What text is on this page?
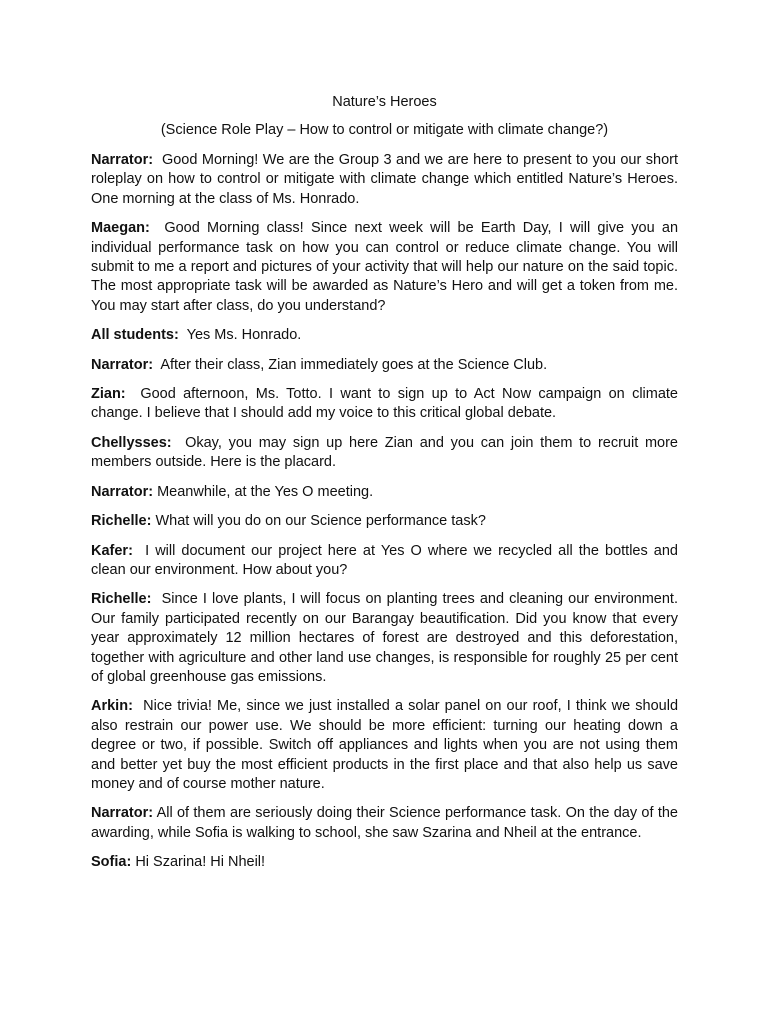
Nature’s Heroes

(Science Role Play – How to control or mitigate with climate change?)

Narrator: Good Morning! We are the Group 3 and we are here to present to you our short roleplay on how to control or mitigate with climate change which entitled Nature’s Heroes. One morning at the class of Ms. Honrado.

Maegan: Good Morning class! Since next week will be Earth Day, I will give you an individual performance task on how you can control or reduce climate change. You will submit to me a report and pictures of your activity that will help our nature on the said topic. The most appropriate task will be awarded as Nature’s Hero and will get a token from me. You may start after class, do you understand?

All students: Yes Ms. Honrado.

Narrator: After their class, Zian immediately goes at the Science Club.

Zian: Good afternoon, Ms. Totto. I want to sign up to Act Now campaign on climate change. I believe that I should add my voice to this critical global debate.

Chellysses: Okay, you may sign up here Zian and you can join them to recruit more members outside. Here is the placard.

Narrator: Meanwhile, at the Yes O meeting.

Richelle: What will you do on our Science performance task?

Kafer: I will document our project here at Yes O where we recycled all the bottles and clean our environment. How about you?

Richelle: Since I love plants, I will focus on planting trees and cleaning our environment. Our family participated recently on our Barangay beautification. Did you know that every year approximately 12 million hectares of forest are destroyed and this deforestation, together with agriculture and other land use changes, is responsible for roughly 25 per cent of global greenhouse gas emissions.

Arkin: Nice trivia! Me, since we just installed a solar panel on our roof, I think we should also restrain our power use. We should be more efficient: turning our heating down a degree or two, if possible. Switch off appliances and lights when you are not using them and better yet buy the most efficient products in the first place and that also help us save money and of course mother nature.

Narrator: All of them are seriously doing their Science performance task. On the day of the awarding, while Sofia is walking to school, she saw Szarina and Nheil at the entrance.

Sofia: Hi Szarina! Hi Nheil!
